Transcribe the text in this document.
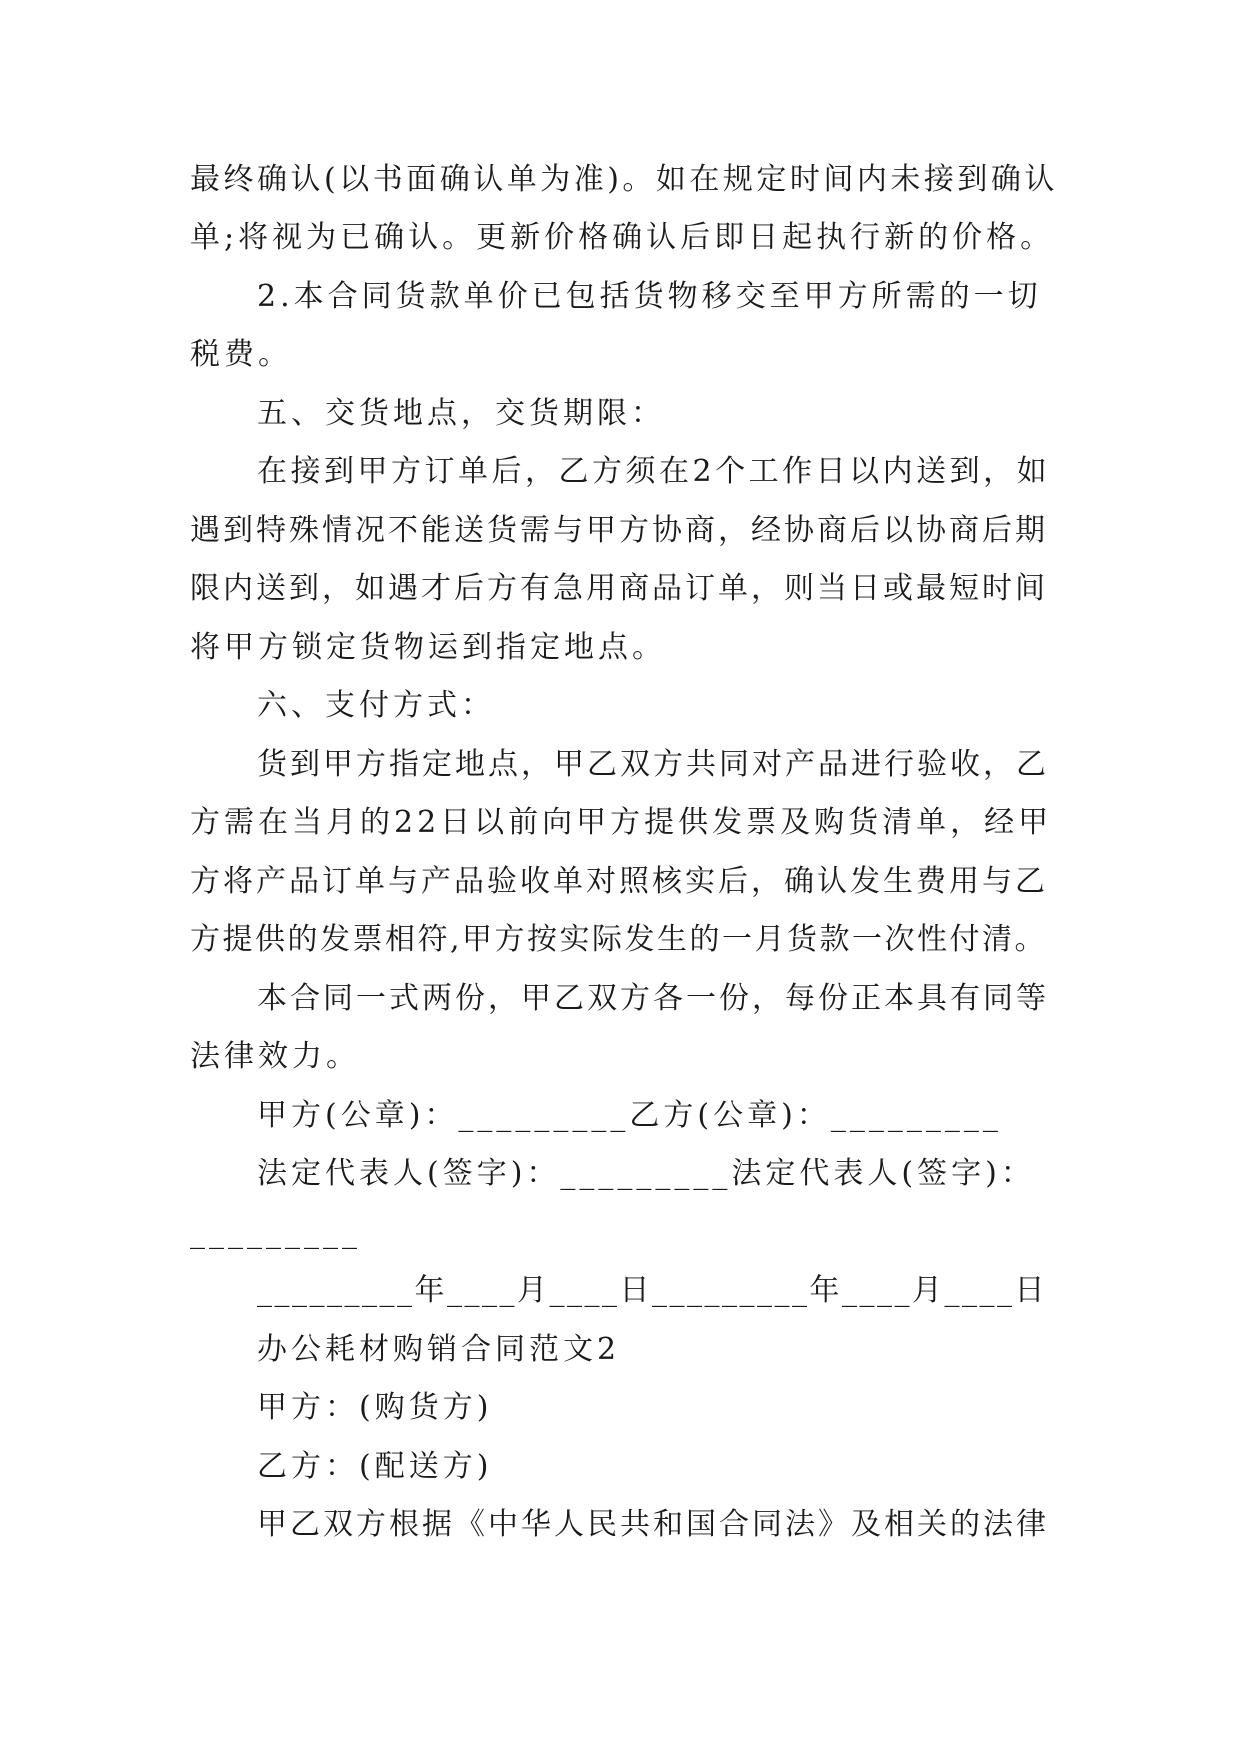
最终确认(以书面确认单为准)。如在规定时间内未接到确认
单;将视为已确认。更新价格确认后即日起执行新的价格。
2.本合同货款单价已包括货物移交至甲方所需的一切
税费。
五、交货地点，交货期限：
在接到甲方订单后，乙方须在2个工作日以内送到，如
遇到特殊情况不能送货需与甲方协商，经协商后以协商后期
限内送到，如遇才后方有急用商品订单，则当日或最短时间
将甲方锁定货物运到指定地点。
六、支付方式：
货到甲方指定地点，甲乙双方共同对产品进行验收，乙
方需在当月的22日以前向甲方提供发票及购货清单，经甲
方将产品订单与产品验收单对照核实后，确认发生费用与乙
方提供的发票相符,甲方按实际发生的一月货款一次性付清。
本合同一式两份，甲乙双方各一份，每份正本具有同等
法律效力。
甲方(公章)：_________乙方(公章)：_________
法定代表人(签字)：_________法定代表人(签字)：
_________
_________年____月____日_________年____月____日
办公耗材购销合同范文2
甲方：(购货方)
乙方：(配送方)
甲乙双方根据《中华人民共和国合同法》及相关的法律
